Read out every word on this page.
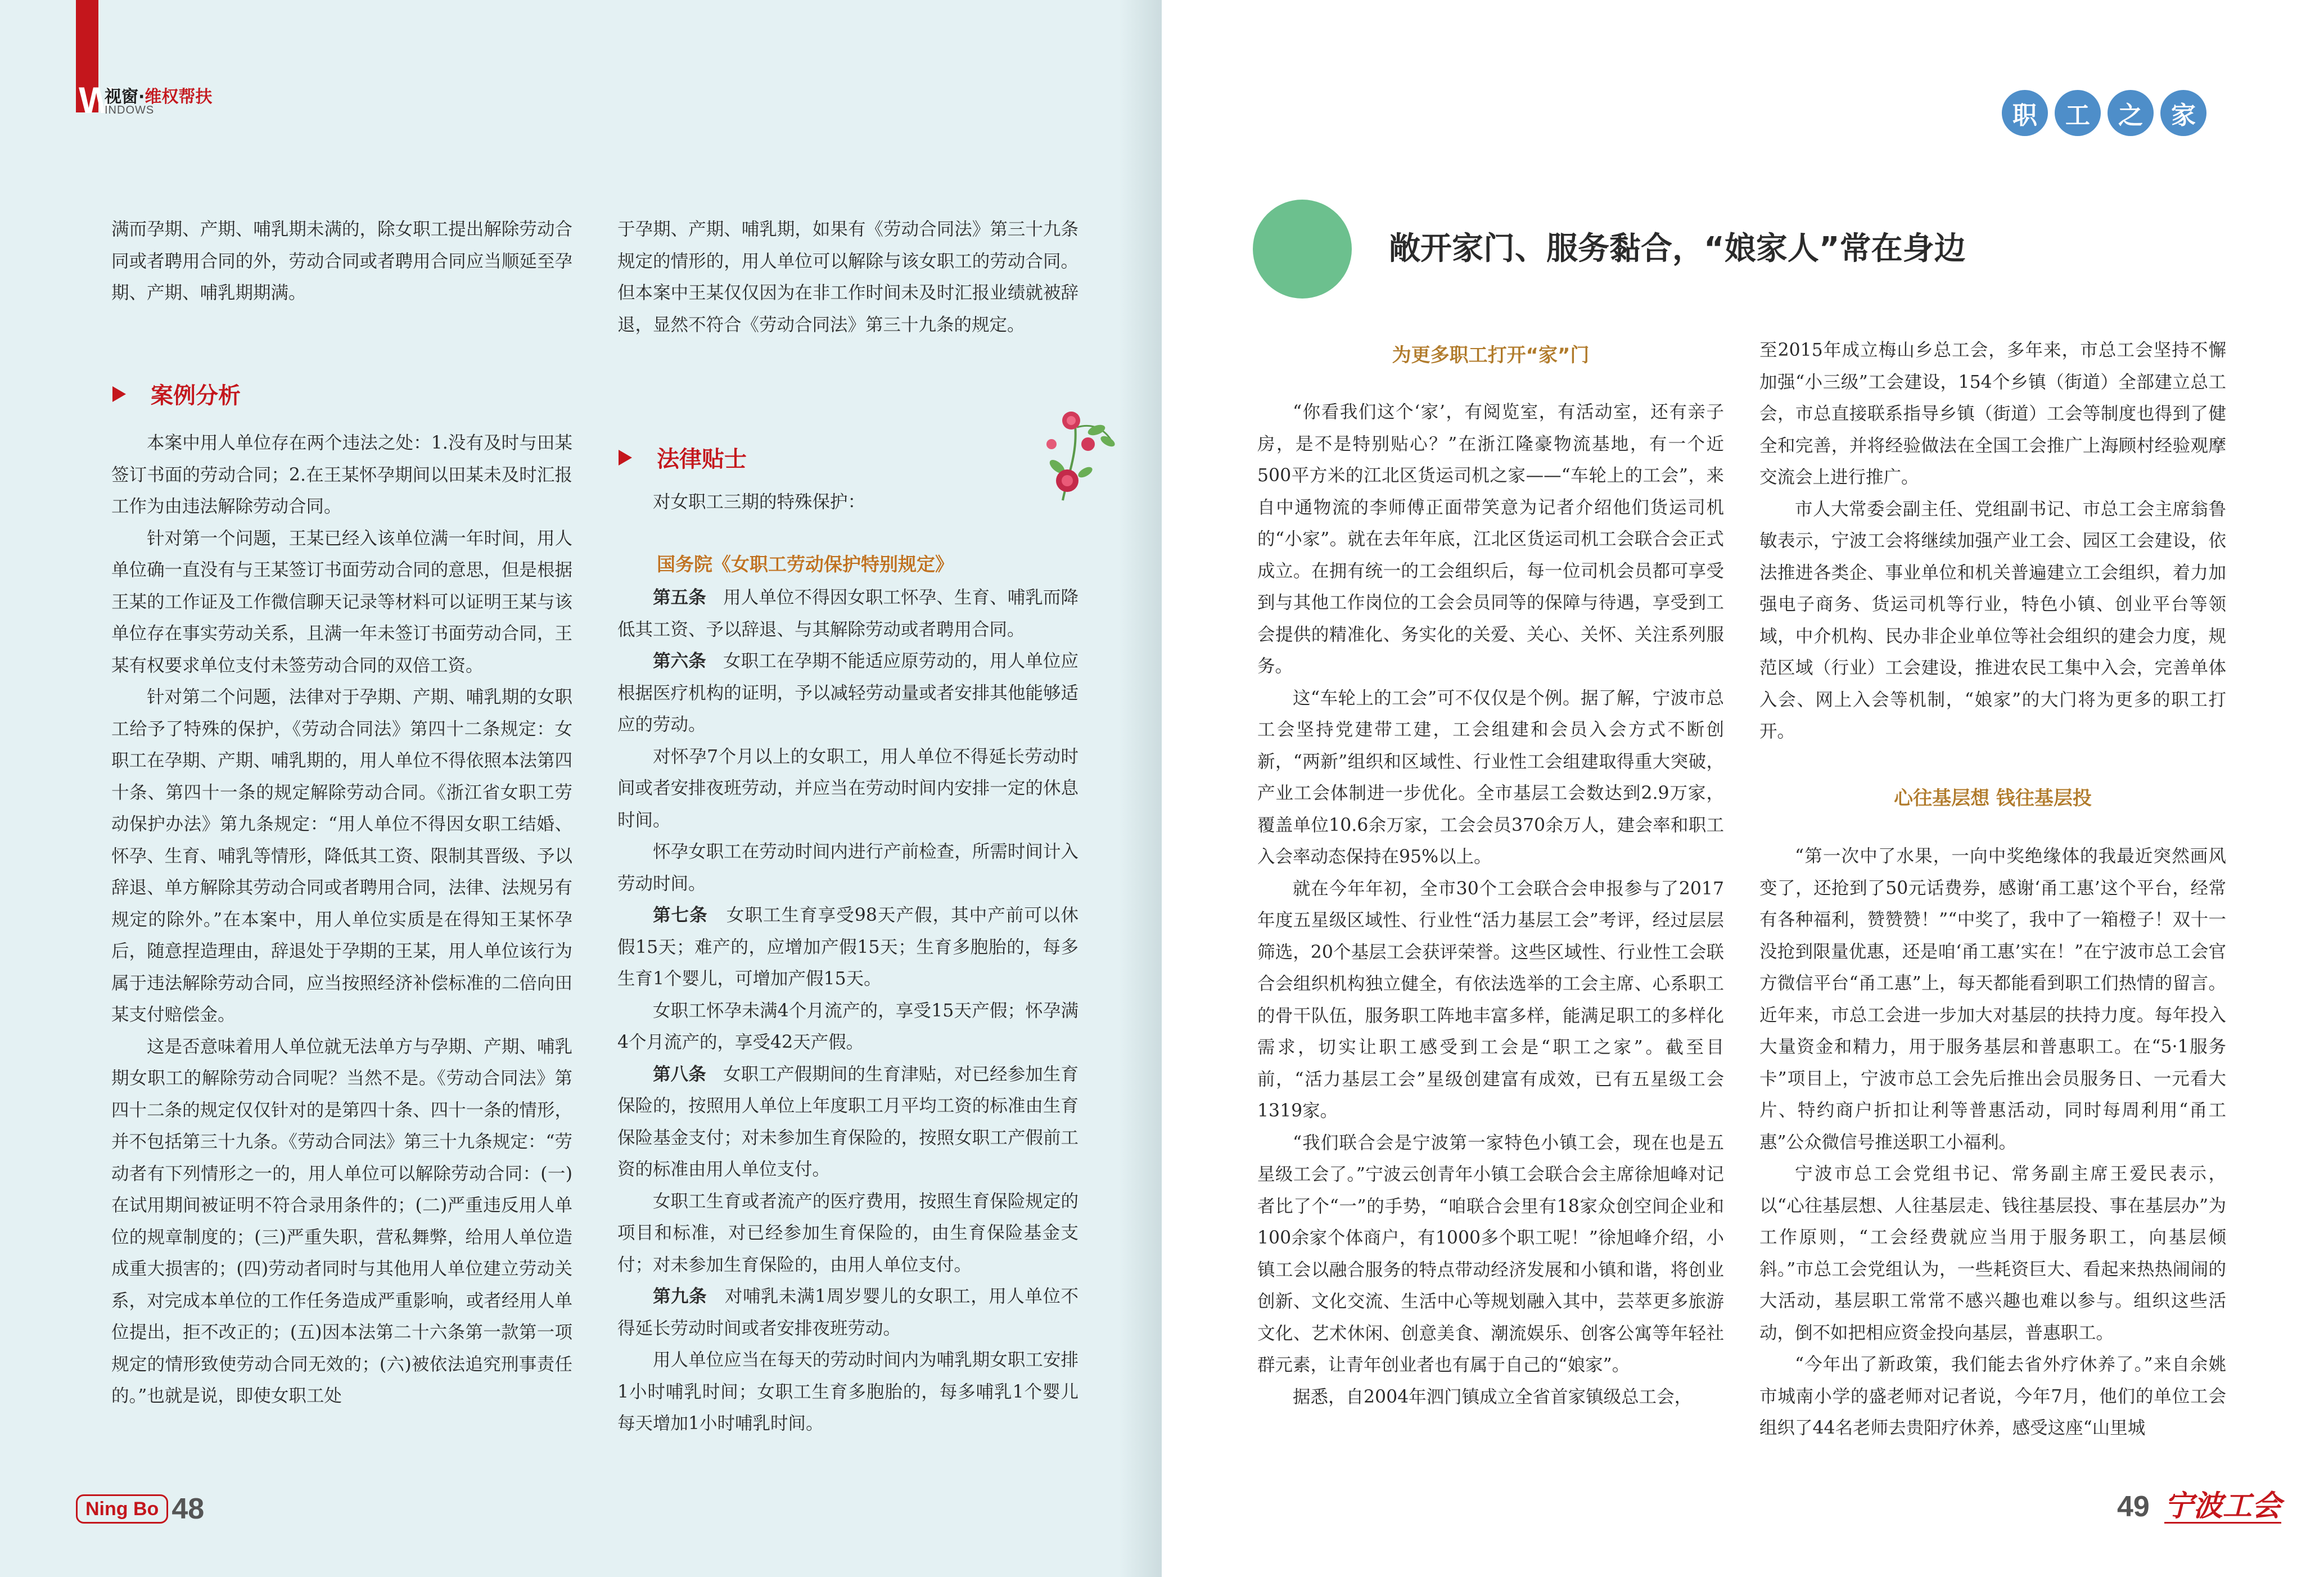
W
视窗·维权帮扶
INDOWS

满而孕期、产期、哺乳期未满的，除女职工提出解除劳动合同或者聘用合同的外，劳动合同或者聘用合同应当顺延至孕期、产期、哺乳期期满。

案例分析

本案中用人单位存在两个违法之处：1.没有及时与田某签订书面的劳动合同；2.在王某怀孕期间以田某未及时汇报工作为由违法解除劳动合同。

针对第一个问题，王某已经入该单位满一年时间，用人单位确一直没有与王某签订书面劳动合同的意思，但是根据王某的工作证及工作微信聊天记录等材料可以证明王某与该单位存在事实劳动关系，且满一年未签订书面劳动合同，王某有权要求单位支付未签劳动合同的双倍工资。

针对第二个问题，法律对于孕期、产期、哺乳期的女职工给予了特殊的保护，《劳动合同法》第四十二条规定：女职工在孕期、产期、哺乳期的，用人单位不得依照本法第四十条、第四十一条的规定解除劳动合同。《浙江省女职工劳动保护办法》第九条规定：“用人单位不得因女职工结婚、怀孕、生育、哺乳等情形，降低其工资、限制其晋级、予以辞退、单方解除其劳动合同或者聘用合同，法律、法规另有规定的除外。”在本案中，用人单位实质是在得知王某怀孕后，随意捏造理由，辞退处于孕期的王某，用人单位该行为属于违法解除劳动合同，应当按照经济补偿标准的二倍向田某支付赔偿金。

这是否意味着用人单位就无法单方与孕期、产期、哺乳期女职工的解除劳动合同呢？当然不是。《劳动合同法》第四十二条的规定仅仅针对的是第四十条、四十一条的情形，并不包括第三十九条。《劳动合同法》第三十九条规定：“劳动者有下列情形之一的，用人单位可以解除劳动合同：(一)在试用期间被证明不符合录用条件的；(二)严重违反用人单位的规章制度的；(三)严重失职，营私舞弊，给用人单位造成重大损害的；(四)劳动者同时与其他用人单位建立劳动关系，对完成本单位的工作任务造成严重影响，或者经用人单位提出，拒不改正的；(五)因本法第二十六条第一款第一项规定的情形致使劳动合同无效的；(六)被依法追究刑事责任的。”也就是说，即使女职工处

于孕期、产期、哺乳期，如果有《劳动合同法》第三十九条规定的情形的，用人单位可以解除与该女职工的劳动合同。但本案中王某仅仅因为在非工作时间未及时汇报业绩就被辞退，显然不符合《劳动合同法》第三十九条的规定。

法律贴士

对女职工三期的特殊保护：

国务院《女职工劳动保护特别规定》

第五条 用人单位不得因女职工怀孕、生育、哺乳而降低其工资、予以辞退、与其解除劳动或者聘用合同。

第六条 女职工在孕期不能适应原劳动的，用人单位应根据医疗机构的证明，予以减轻劳动量或者安排其他能够适应的劳动。

对怀孕7个月以上的女职工，用人单位不得延长劳动时间或者安排夜班劳动，并应当在劳动时间内安排一定的休息时间。

怀孕女职工在劳动时间内进行产前检查，所需时间计入劳动时间。

第七条 女职工生育享受98天产假，其中产前可以休假15天；难产的，应增加产假15天；生育多胞胎的，每多生育1个婴儿，可增加产假15天。

女职工怀孕未满4个月流产的，享受15天产假；怀孕满4个月流产的，享受42天产假。

第八条 女职工产假期间的生育津贴，对已经参加生育保险的，按照用人单位上年度职工月平均工资的标准由生育保险基金支付；对未参加生育保险的，按照女职工产假前工资的标准由用人单位支付。

女职工生育或者流产的医疗费用，按照生育保险规定的项目和标准，对已经参加生育保险的，由生育保险基金支付；对未参加生育保险的，由用人单位支付。

第九条 对哺乳未满1周岁婴儿的女职工，用人单位不得延长劳动时间或者安排夜班劳动。

用人单位应当在每天的劳动时间内为哺乳期女职工安排1小时哺乳时间；女职工生育多胞胎的，每多哺乳1个婴儿每天增加1小时哺乳时间。

Ning Bo 48
职	工	之	家
敞开家门、服务黏合，“娘家人”常在身边
为更多职工打开“家”门

“你看我们这个‘家’，有阅览室，有活动室，还有亲子房，是不是特别贴心？”在浙江隆豪物流基地，有一个近500平方米的江北区货运司机之家——“车轮上的工会”，来自中通物流的李师傅正面带笑意为记者介绍他们货运司机的“小家”。就在去年年底，江北区货运司机工会联合会正式成立。在拥有统一的工会组织后，每一位司机会员都可享受到与其他工作岗位的工会会员同等的保障与待遇，享受到工会提供的精准化、务实化的关爱、关心、关怀、关注系列服务。

这“车轮上的工会”可不仅仅是个例。据了解，宁波市总工会坚持党建带工建，工会组建和会员入会方式不断创新，“两新”组织和区域性、行业性工会组建取得重大突破，产业工会体制进一步优化。全市基层工会数达到2.9万家，覆盖单位10.6余万家，工会会员370余万人，建会率和职工入会率动态保持在95%以上。

就在今年年初，全市30个工会联合会申报参与了2017年度五星级区域性、行业性“活力基层工会”考评，经过层层筛选，20个基层工会获评荣誉。这些区域性、行业性工会联合会组织机构独立健全，有依法选举的工会主席、心系职工的骨干队伍，服务职工阵地丰富多样，能满足职工的多样化需求，切实让职工感受到工会是“职工之家”。截至目前，“活力基层工会”星级创建富有成效，已有五星级工会1319家。

“我们联合会是宁波第一家特色小镇工会，现在也是五星级工会了。”宁波云创青年小镇工会联合会主席徐旭峰对记者比了个“一”的手势，“咱联合会里有18家众创空间企业和100余家个体商户，有1000多个职工呢！”徐旭峰介绍，小镇工会以融合服务的特点带动经济发展和小镇和谐，将创业创新、文化交流、生活中心等规划融入其中，芸萃更多旅游文化、艺术休闲、创意美食、潮流娱乐、创客公寓等年轻社群元素，让青年创业者也有属于自己的“娘家”。

据悉，自2004年泗门镇成立全省首家镇级总工会，

至2015年成立梅山乡总工会，多年来，市总工会坚持不懈加强“小三级”工会建设，154个乡镇（街道）全部建立总工会，市总直接联系指导乡镇（街道）工会等制度也得到了健全和完善，并将经验做法在全国工会推广上海顾村经验观摩交流会上进行推广。

市人大常委会副主任、党组副书记、市总工会主席翁鲁敏表示，宁波工会将继续加强产业工会、园区工会建设，依法推进各类企、事业单位和机关普遍建立工会组织，着力加强电子商务、货运司机等行业，特色小镇、创业平台等领域，中介机构、民办非企业单位等社会组织的建会力度，规范区域（行业）工会建设，推进农民工集中入会，完善单体入会、网上入会等机制，“娘家”的大门将为更多的职工打开。

心往基层想 钱往基层投

“第一次中了水果，一向中奖绝缘体的我最近突然画风变了，还抢到了50元话费券，感谢‘甬工惠’这个平台，经常有各种福利，赞赞赞！”“中奖了，我中了一箱橙子！双十一没抢到限量优惠，还是咱‘甬工惠’实在！”在宁波市总工会官方微信平台“甬工惠”上，每天都能看到职工们热情的留言。近年来，市总工会进一步加大对基层的扶持力度。每年投入大量资金和精力，用于服务基层和普惠职工。在“5·1服务卡”项目上，宁波市总工会先后推出会员服务日、一元看大片、特约商户折扣让利等普惠活动，同时每周利用“甬工惠”公众微信号推送职工小福利。

宁波市总工会党组书记、常务副主席王爱民表示，以“心往基层想、人往基层走、钱往基层投、事在基层办”为工作原则，“工会经费就应当用于服务职工，向基层倾斜。”市总工会党组认为，一些耗资巨大、看起来热热闹闹的大活动，基层职工常常不感兴趣也难以参与。组织这些活动，倒不如把相应资金投向基层，普惠职工。

“今年出了新政策，我们能去省外疗休养了。”来自余姚市城南小学的盛老师对记者说，今年7月，他们的单位工会组织了44名老师去贵阳疗休养，感受这座“山里城

49 宁波工会
